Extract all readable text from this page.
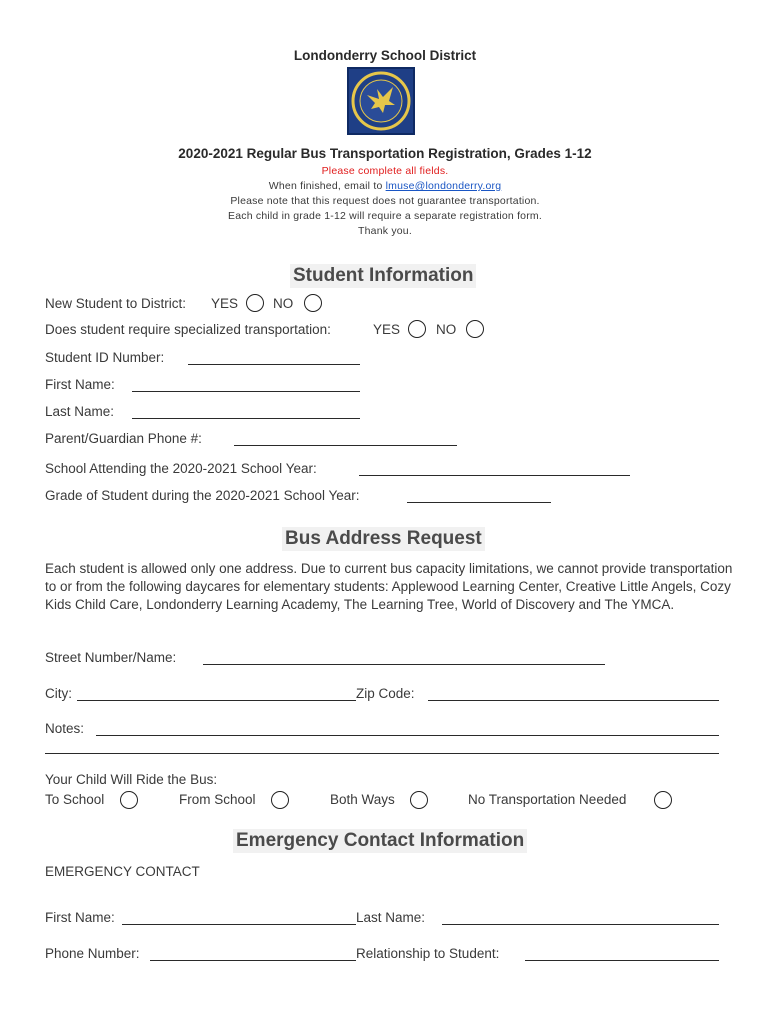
Londonderry School District
2020-2021 Regular Bus Transportation Registration, Grades 1-12
Please complete all fields.
When finished, email to lmuse@londonderry.org
Please note that this request does not guarantee transportation.
Each child in grade 1-12 will require a separate registration form.
Thank you.
Student Information
New Student to District: YES	NO
Does student require specialized transportation:	YES	NO
Student ID Number:
First Name:
Last Name:
Parent/Guardian Phone #:
School Attending the 2020-2021 School Year:
Grade of Student during the 2020-2021 School Year:
Bus Address Request
Each student is allowed only one address. Due to current bus capacity limitations, we cannot provide transportation to or from the following daycares for elementary students: Applewood Learning Center, Creative Little Angels, Cozy Kids Child Care, Londonderry Learning Academy, The Learning Tree, World of Discovery and The YMCA.
Street Number/Name:
City:	Zip Code:
Notes:
Your Child Will Ride the Bus:
To School	From School	Both Ways	No Transportation Needed
Emergency Contact Information
EMERGENCY CONTACT
First Name:	Last Name:
Phone Number:	Relationship to Student:
